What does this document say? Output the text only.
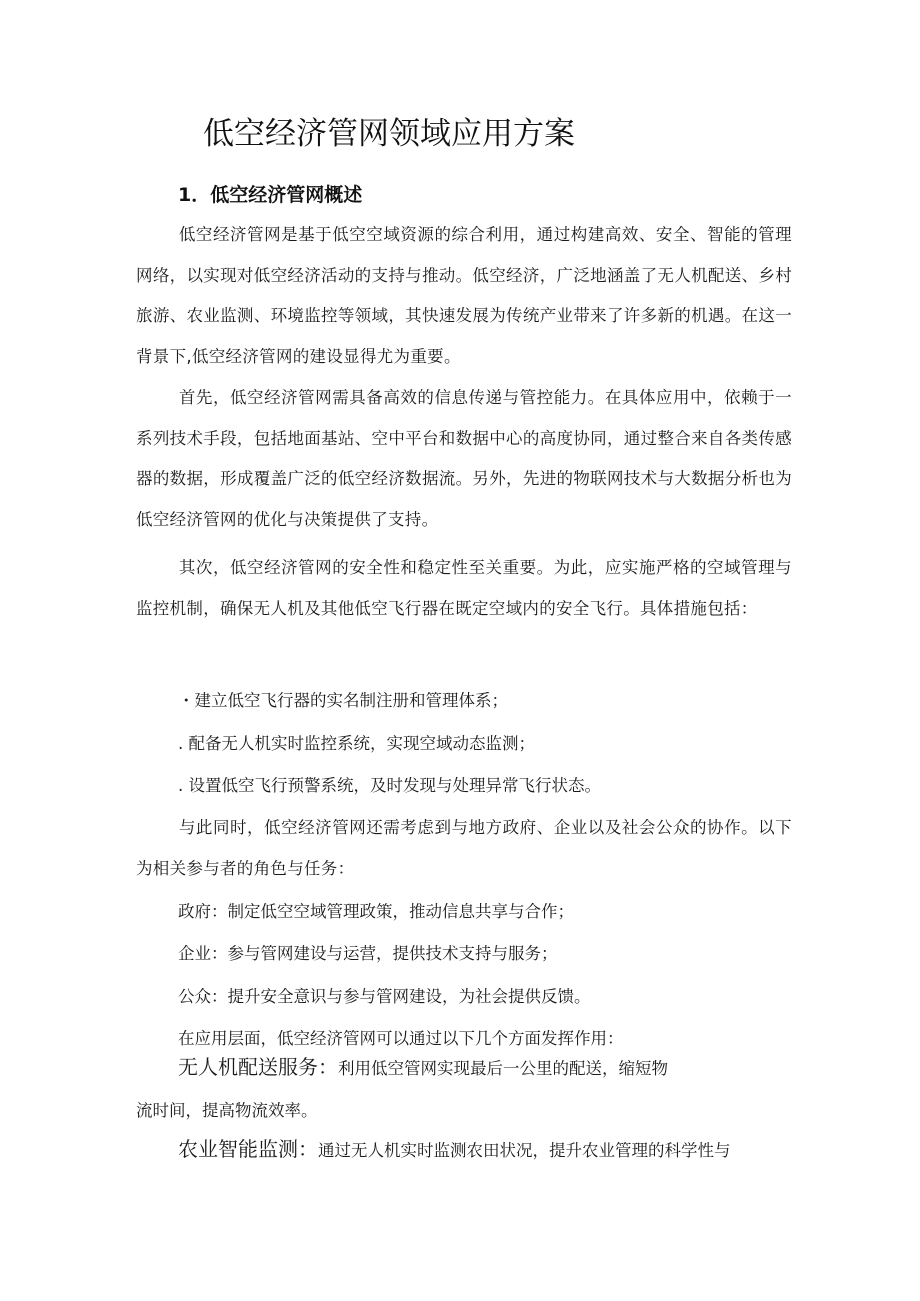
低空经济管网领域应用方案
1．低空经济管网概述

低空经济管网是基于低空空域资源的综合利用，通过构建高效、安全、智能的管理网络，以实现对低空经济活动的支持与推动。低空经济，广泛地涵盖了无人机配送、乡村旅游、农业监测、环境监控等领域，其快速发展为传统产业带来了许多新的机遇。在这一背景下,低空经济管网的建设显得尤为重要。

首先，低空经济管网需具备高效的信息传递与管控能力。在具体应用中，依赖于一系列技术手段，包括地面基站、空中平台和数据中心的高度协同，通过整合来自各类传感器的数据，形成覆盖广泛的低空经济数据流。另外，先进的物联网技术与大数据分析也为低空经济管网的优化与决策提供了支持。

其次，低空经济管网的安全性和稳定性至关重要。为此，应实施严格的空域管理与监控机制，确保无人机及其他低空飞行器在既定空域内的安全飞行。具体措施包括：

・建立低空飞行器的实名制注册和管理体系；

. 配备无人机实时监控系统，实现空域动态监测；

. 设置低空飞行预警系统，及时发现与处理异常飞行状态。

与此同时，低空经济管网还需考虑到与地方政府、企业以及社会公众的协作。以下为相关参与者的角色与任务：

政府：制定低空空域管理政策，推动信息共享与合作；

企业：参与管网建设与运营，提供技术支持与服务；

公众：提升安全意识与参与管网建设，为社会提供反馈。

在应用层面，低空经济管网可以通过以下几个方面发挥作用：

无人机配送服务：利用低空管网实现最后一公里的配送，缩短物
流时间，提高物流效率。
农业智能监测：通过无人机实时监测农田状况，提升农业管理的科学性与
